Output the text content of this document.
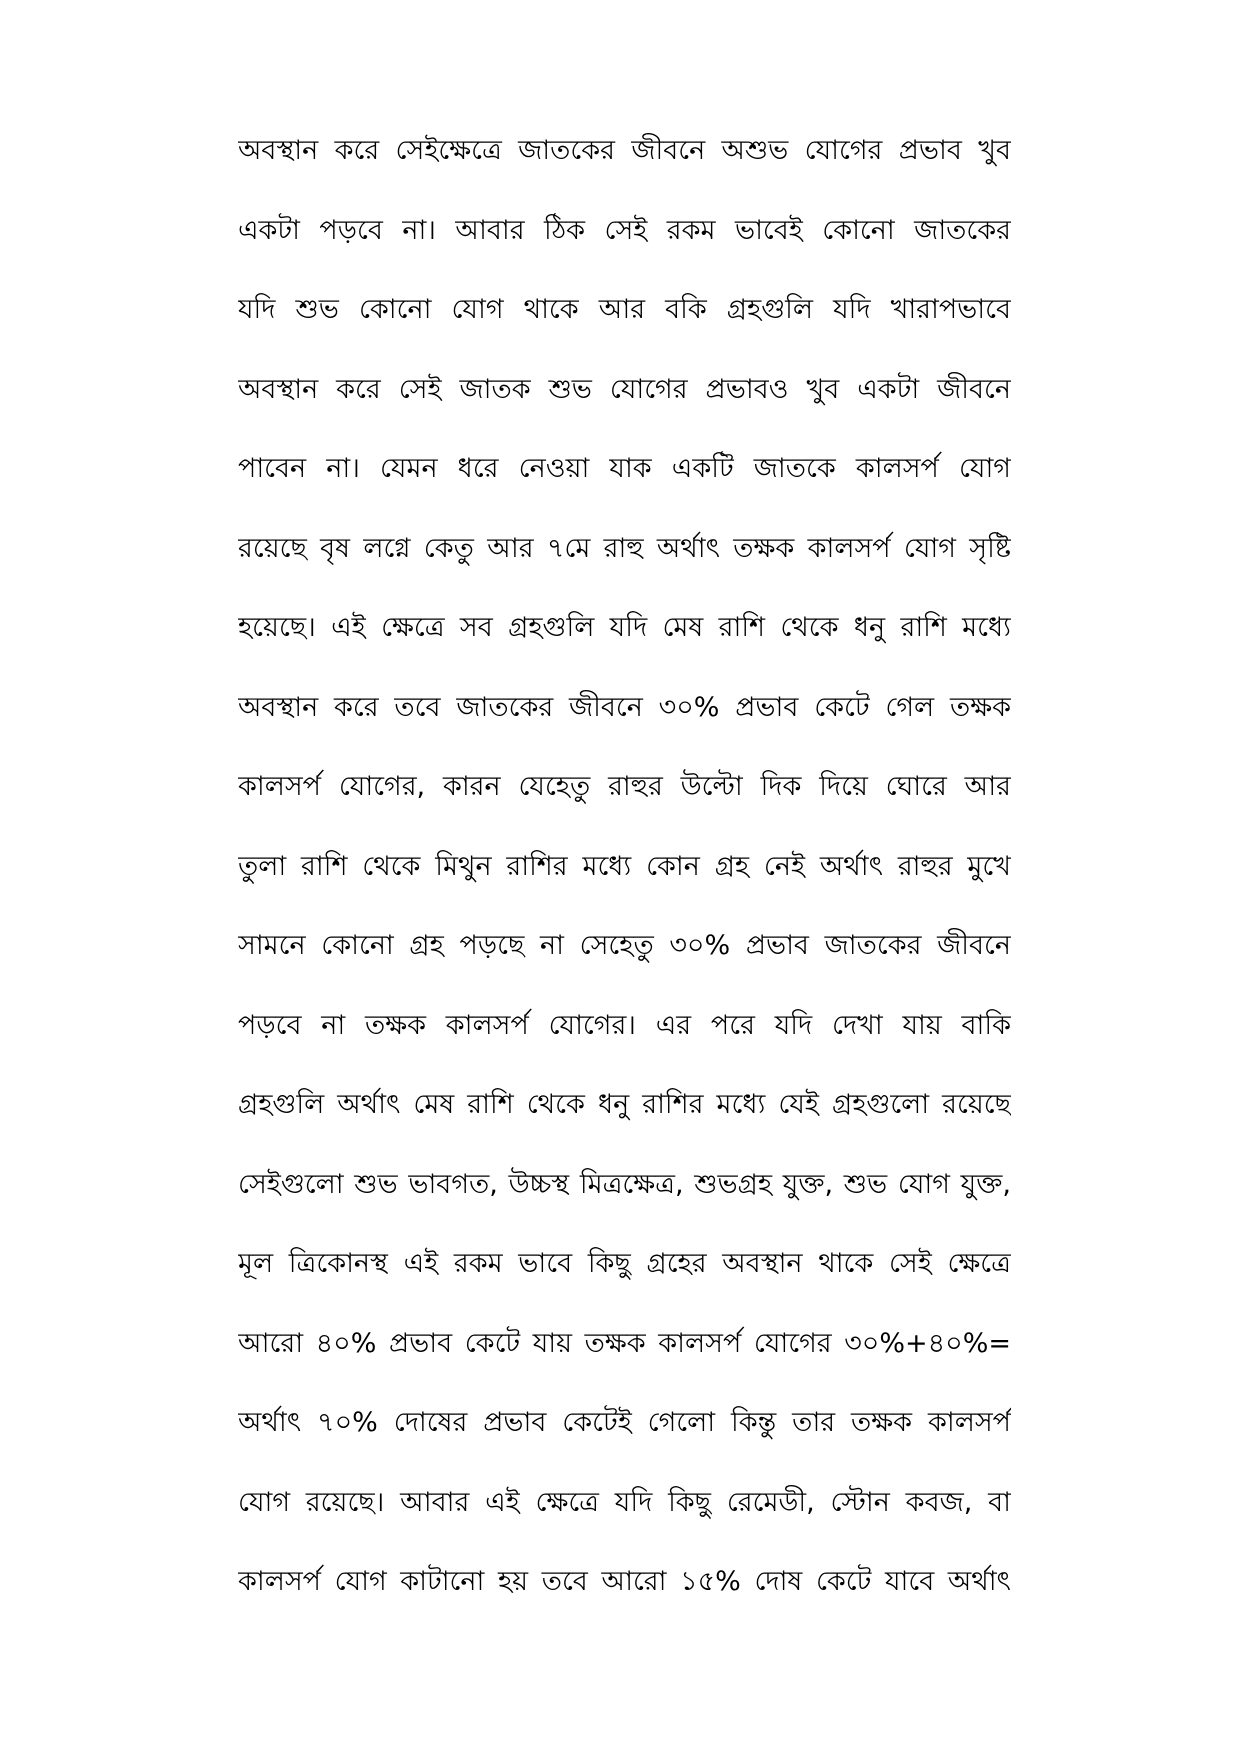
অবস্থান করে সেইক্ষেত্রে জাতকের জীবনে অশুভ যোগের প্রভাব খুব
একটা পড়বে না। আবার ঠিক সেই রকম ভাবেই কোনো জাতকের
যদি শুভ কোনো যোগ থাকে আর বকি গ্রহগুলি যদি খারাপভাবে
অবস্থান করে সেই জাতক শুভ যোগের প্রভাবও খুব একটা জীবনে
পাবেন না। যেমন ধরে নেওয়া যাক একটি জাতকে কালসর্প যোগ
রয়েছে বৃষ লগ্নে কেতু আর ৭মে রাহু অর্থাৎ তক্ষক কালসর্প যোগ সৃষ্টি
হয়েছে। এই ক্ষেত্রে সব গ্রহগুলি যদি মেষ রাশি থেকে ধনু রাশি মধ্যে
অবস্থান করে তবে জাতকের জীবনে ৩০% প্রভাব কেটে গেল তক্ষক
কালসর্প যোগের, কারন যেহেতু রাহুর উল্টো দিক দিয়ে ঘোরে আর
তুলা রাশি থেকে মিথুন রাশির মধ্যে কোন গ্রহ নেই অর্থাৎ রাহুর মুখে
সামনে কোনো গ্রহ পড়ছে না সেহেতু ৩০% প্রভাব জাতকের জীবনে
পড়বে না তক্ষক কালসর্প যোগের। এর পরে যদি দেখা যায় বাকি
গ্রহগুলি অর্থাৎ মেষ রাশি থেকে ধনু রাশির মধ্যে যেই গ্রহগুলো রয়েছে
সেইগুলো শুভ ভাবগত, উচ্চস্থ মিত্রক্ষেত্র, শুভগ্রহ যুক্ত, শুভ যোগ যুক্ত,
মূল ত্রিকোনস্থ এই রকম ভাবে কিছু গ্রহের অবস্থান থাকে সেই ক্ষেত্রে
আরো ৪০% প্রভাব কেটে যায় তক্ষক কালসর্প যোগের ৩০%+৪০%=
অর্থাৎ ৭০% দোষের প্রভাব কেটেই গেলো কিন্তু তার তক্ষক কালসর্প
যোগ রয়েছে। আবার এই ক্ষেত্রে যদি কিছু রেমেডী, স্টোন কবজ, বা
কালসর্প যোগ কাটানো হয় তবে আরো ১৫% দোষ কেটে যাবে অর্থাৎ
